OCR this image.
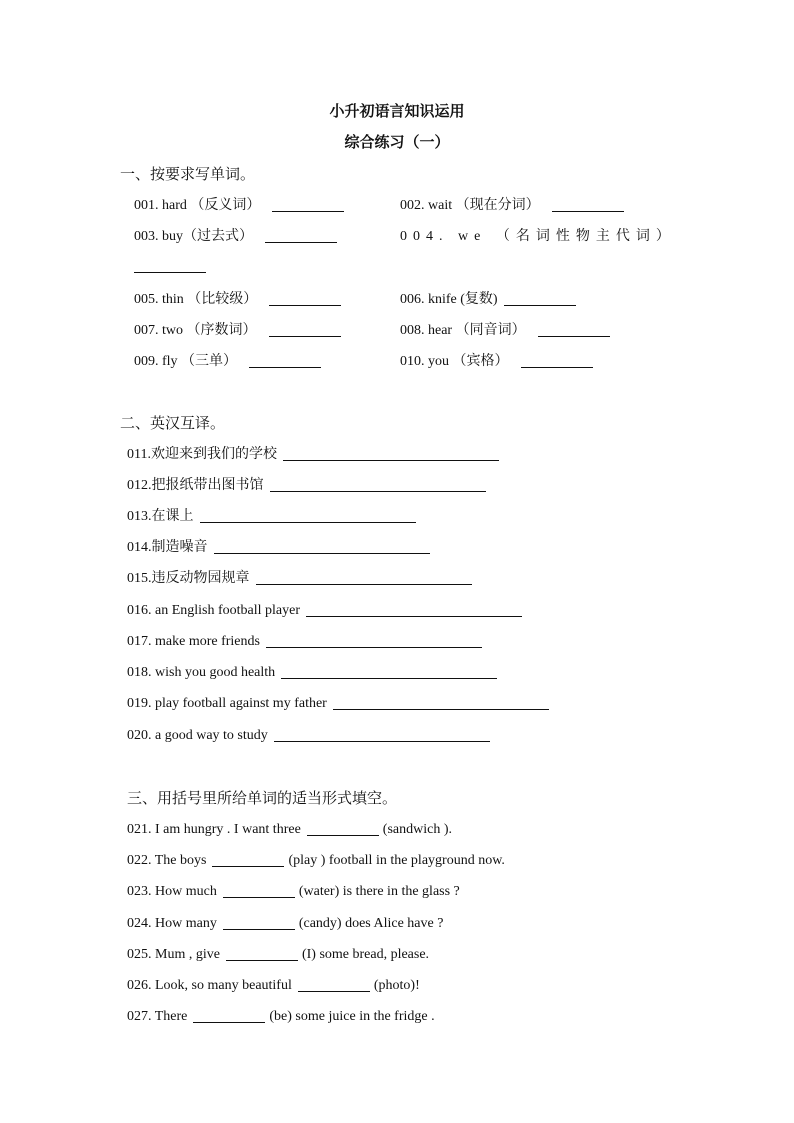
小升初语言知识运用
综合练习（一）
一、按要求写单词。
001. hard （反义词）	002. wait （现在分词）
003. buy（过去式）	004. we （名词性物主代词）
005. thin （比较级）	006. knife (复数)
007. two （序数词）	008. hear （同音词）
009. fly （三单）	010. you （宾格）
二、英汉互译。
011.欢迎来到我们的学校
012.把报纸带出图书馆
013.在课上
014.制造噪音
015.违反动物园规章
016. an English football player
017. make more friends
018. wish you good health
019. play football against my father
020. a good way to study
三、用括号里所给单词的适当形式填空。
021. I am hungry . I want three	(sandwich ).
022. The boys	(play ) football in the playground now.
023. How much	(water) is there in the glass ?
024. How many	(candy) does Alice have ?
025. Mum , give	(I) some bread, please.
026. Look, so many beautiful	(photo)!
027. There	(be) some juice in the fridge .
